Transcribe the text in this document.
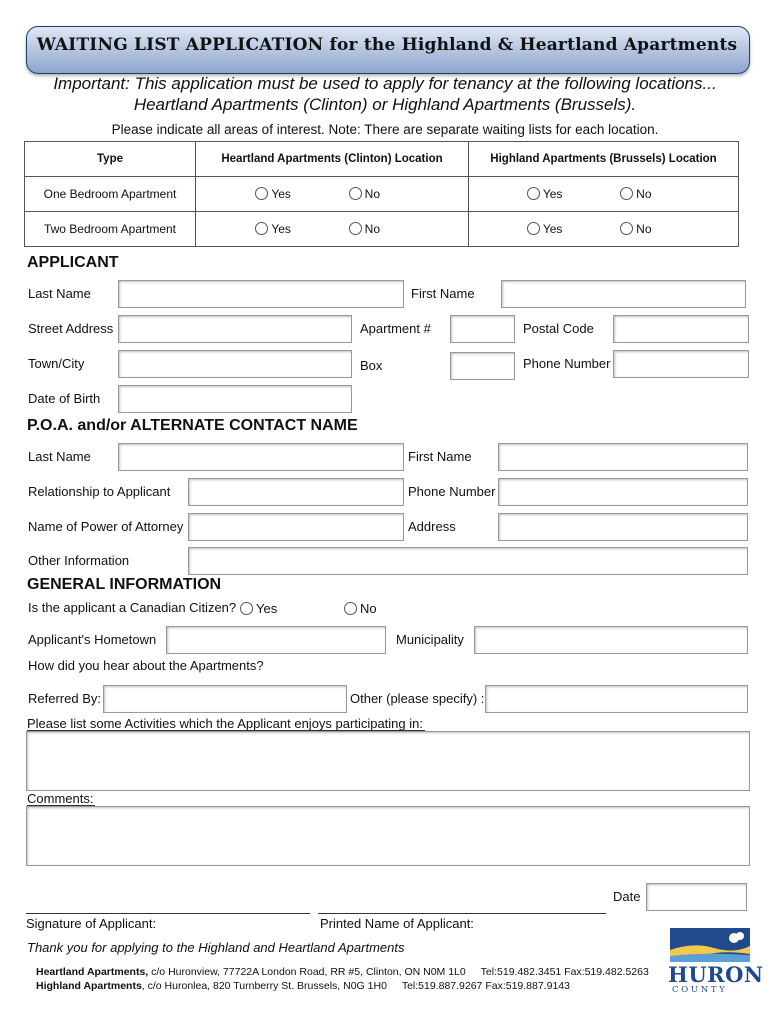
WAITING LIST APPLICATION for the Highland & Heartland Apartments
Important: This application must be used to apply for tenancy at the following locations...
Heartland Apartments (Clinton) or Highland Apartments (Brussels).
Please indicate all areas of interest. Note: There are separate waiting lists for each location.
Type	Heartland Apartments (Clinton) Location	Highland Apartments (Brussels) Location
One Bedroom Apartment	Yes No	Yes No
Two Bedroom Apartment	Yes No	Yes No
APPLICANT
Last Name	First Name
Street Address	Apartment #	Postal Code
Town/City	Box	Phone Number
Date of Birth
P.O.A. and/or ALTERNATE CONTACT NAME
Last Name	First Name
Relationship to Applicant	Phone Number
Name of Power of Attorney	Address
Other Information
GENERAL INFORMATION
Is the applicant a Canadian Citizen?	Yes	No
Applicant's Hometown	Municipality
How did you hear about the Apartments?
Referred By:	Other (please specify) :
Please list some Activities which the Applicant enjoys participating in:
Comments:
Date
Signature of Applicant:	Printed Name of Applicant:
Thank you for applying to the Highland and Heartland Apartments
Heartland Apartments, c/o Huronview, 77722A London Road, RR #5, Clinton, ON N0M 1L0 Tel:519.482.3451 Fax:519.482.5263
Highland Apartments, c/o Huronlea, 820 Turnberry St. Brussels, N0G 1H0 Tel:519.887.9267 Fax:519.887.9143	HURON
C O U N T Y
